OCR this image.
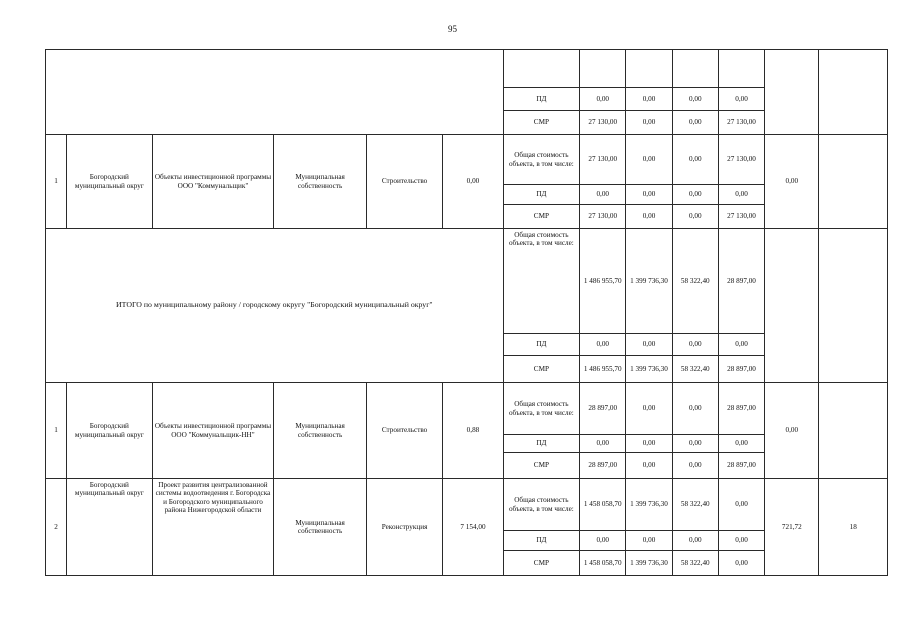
95

						ПД	0,00	0,00	0,00	0,00		
						СМР	27 130,00	0,00	0,00	27 130,00		
1	Богородский муниципальный округ	Объекты инвестиционной программы ООО "Коммунальщик"	Муниципальная собственность	Строительство	0,00	Общая стоимость объекта, в том числе:	27 130,00	0,00	0,00	27 130,00	0,00	
						ПД	0,00	0,00	0,00	0,00		
						СМР	27 130,00	0,00	0,00	27 130,00		
ИТОГО по муниципальному району / городскому округу "Богородский муниципальный округ"						Общая стоимость объекта, в том числе:	1 486 955,70	1 399 736,30	58 322,40	28 897,00		
						ПД	0,00	0,00	0,00	0,00		
						СМР	1 486 955,70	1 399 736,30	58 322,40	28 897,00		
1	Богородский муниципальный округ	Объекты инвестиционной программы ООО "Коммунальщик-НН"	Муниципальная собственность	Строительство	0,88	Общая стоимость объекта, в том числе:	28 897,00	0,00	0,00	28 897,00	0,00	
						ПД	0,00	0,00	0,00	0,00		
						СМР	28 897,00	0,00	0,00	28 897,00		
2	Богородский муниципальный округ	Проект развития централизованной системы водоотведения г. Богородска и Богородского муниципального района Нижегородской области	Муниципальная собственность	Реконструкция	7 154,00	Общая стоимость объекта, в том числе:	1 458 058,70	1 399 736,30	58 322,40	0,00	721,72	18
						ПД	0,00	0,00	0,00	0,00		
						СМР	1 458 058,70	1 399 736,30	58 322,40	0,00		
